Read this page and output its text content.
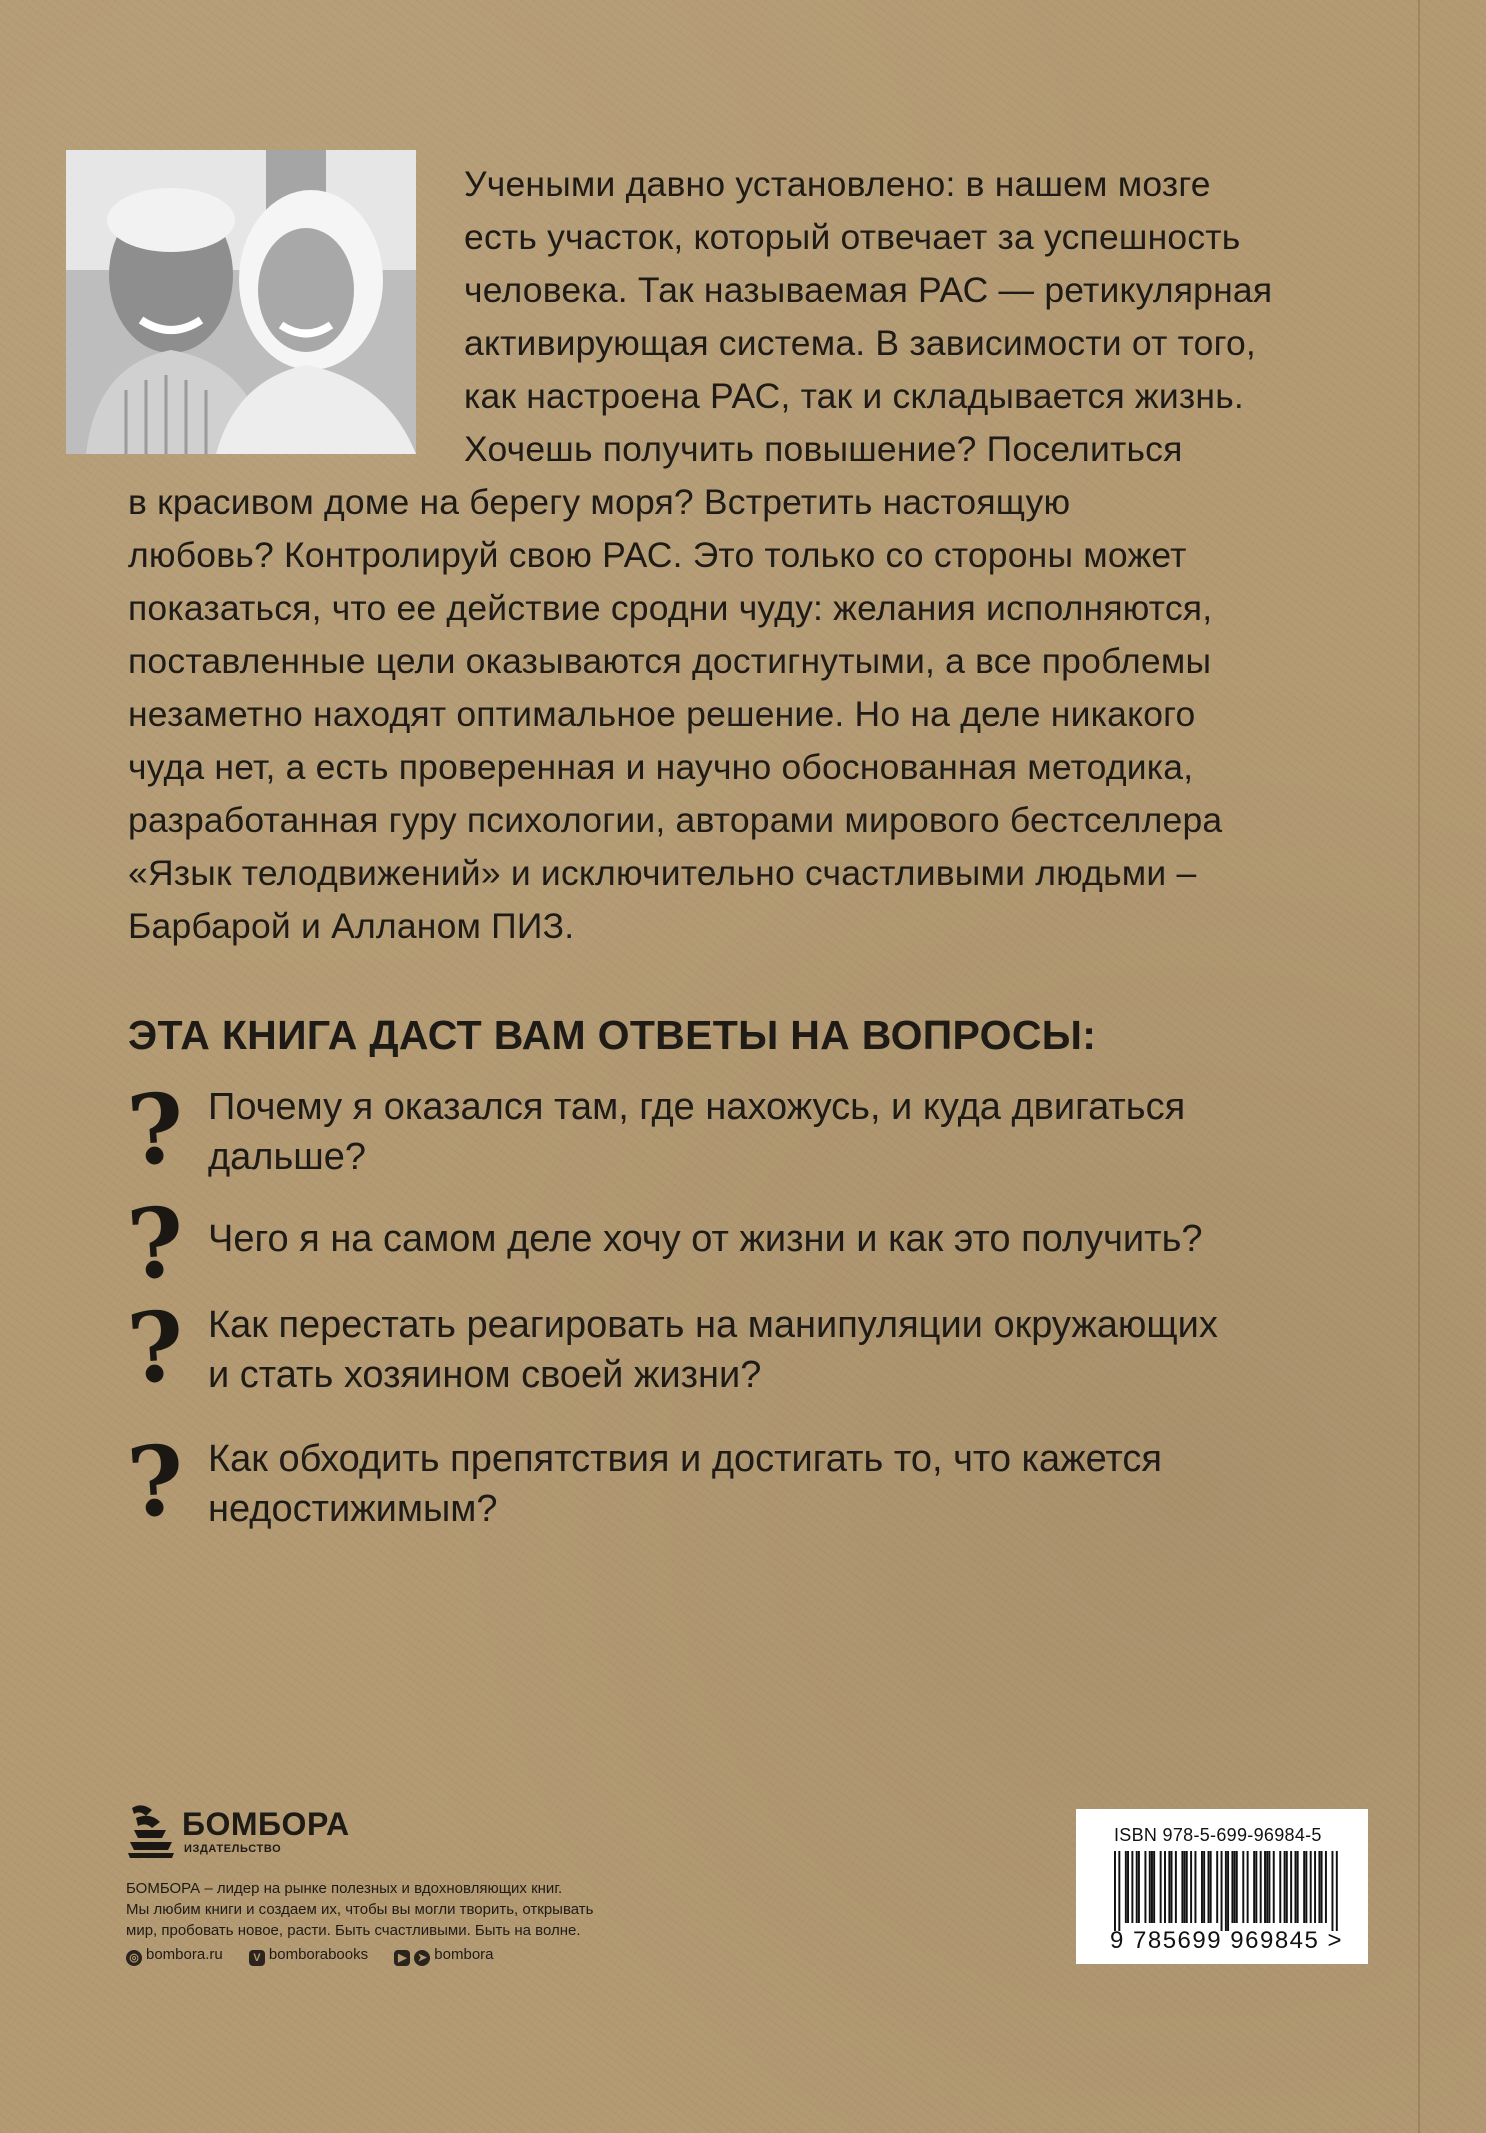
Учеными давно установлено: в нашем мозге
есть участок, который отвечает за успешность
человека. Так называемая РАС — ретикулярная
активирующая система. В зависимости от того,
как настроена РАС, так и складывается жизнь.
Хочешь получить повышение? Поселиться
в красивом доме на берегу моря? Встретить настоящую
любовь? Контролируй свою РАС. Это только со стороны может
показаться, что ее действие сродни чуду: желания исполняются,
поставленные цели оказываются достигнутыми, а все проблемы
незаметно находят оптимальное решение. Но на деле никакого
чуда нет, а есть проверенная и научно обоснованная методика,
разработанная гуру психологии, авторами мирового бестселлера
«Язык телодвижений» и исключительно счастливыми людьми –
Барбарой и Алланом ПИЗ.
ЭТА КНИГА ДАСТ ВАМ ОТВЕТЫ НА ВОПРОСЫ:
? Почему я оказался там, где нахожусь, и куда двигаться
дальше?
? Чего я на самом деле хочу от жизни и как это получить?
? Как перестать реагировать на манипуляции окружающих
и стать хозяином своей жизни?
? Как обходить препятствия и достигать то, что кажется
недостижимым?
БОМБОРА
ИЗДАТЕЛЬСТВО
БОМБОРА – лидер на рынке полезных и вдохновляющих книг.
Мы любим книги и создаем их, чтобы вы могли творить, открывать
мир, пробовать новое, расти. Быть счастливыми. Быть на волне.
◎ bombora.ru	V bomborabooks	▶ ➤ bombora
ISBN 978-5-699-96984-5
9 785699 969845 >
